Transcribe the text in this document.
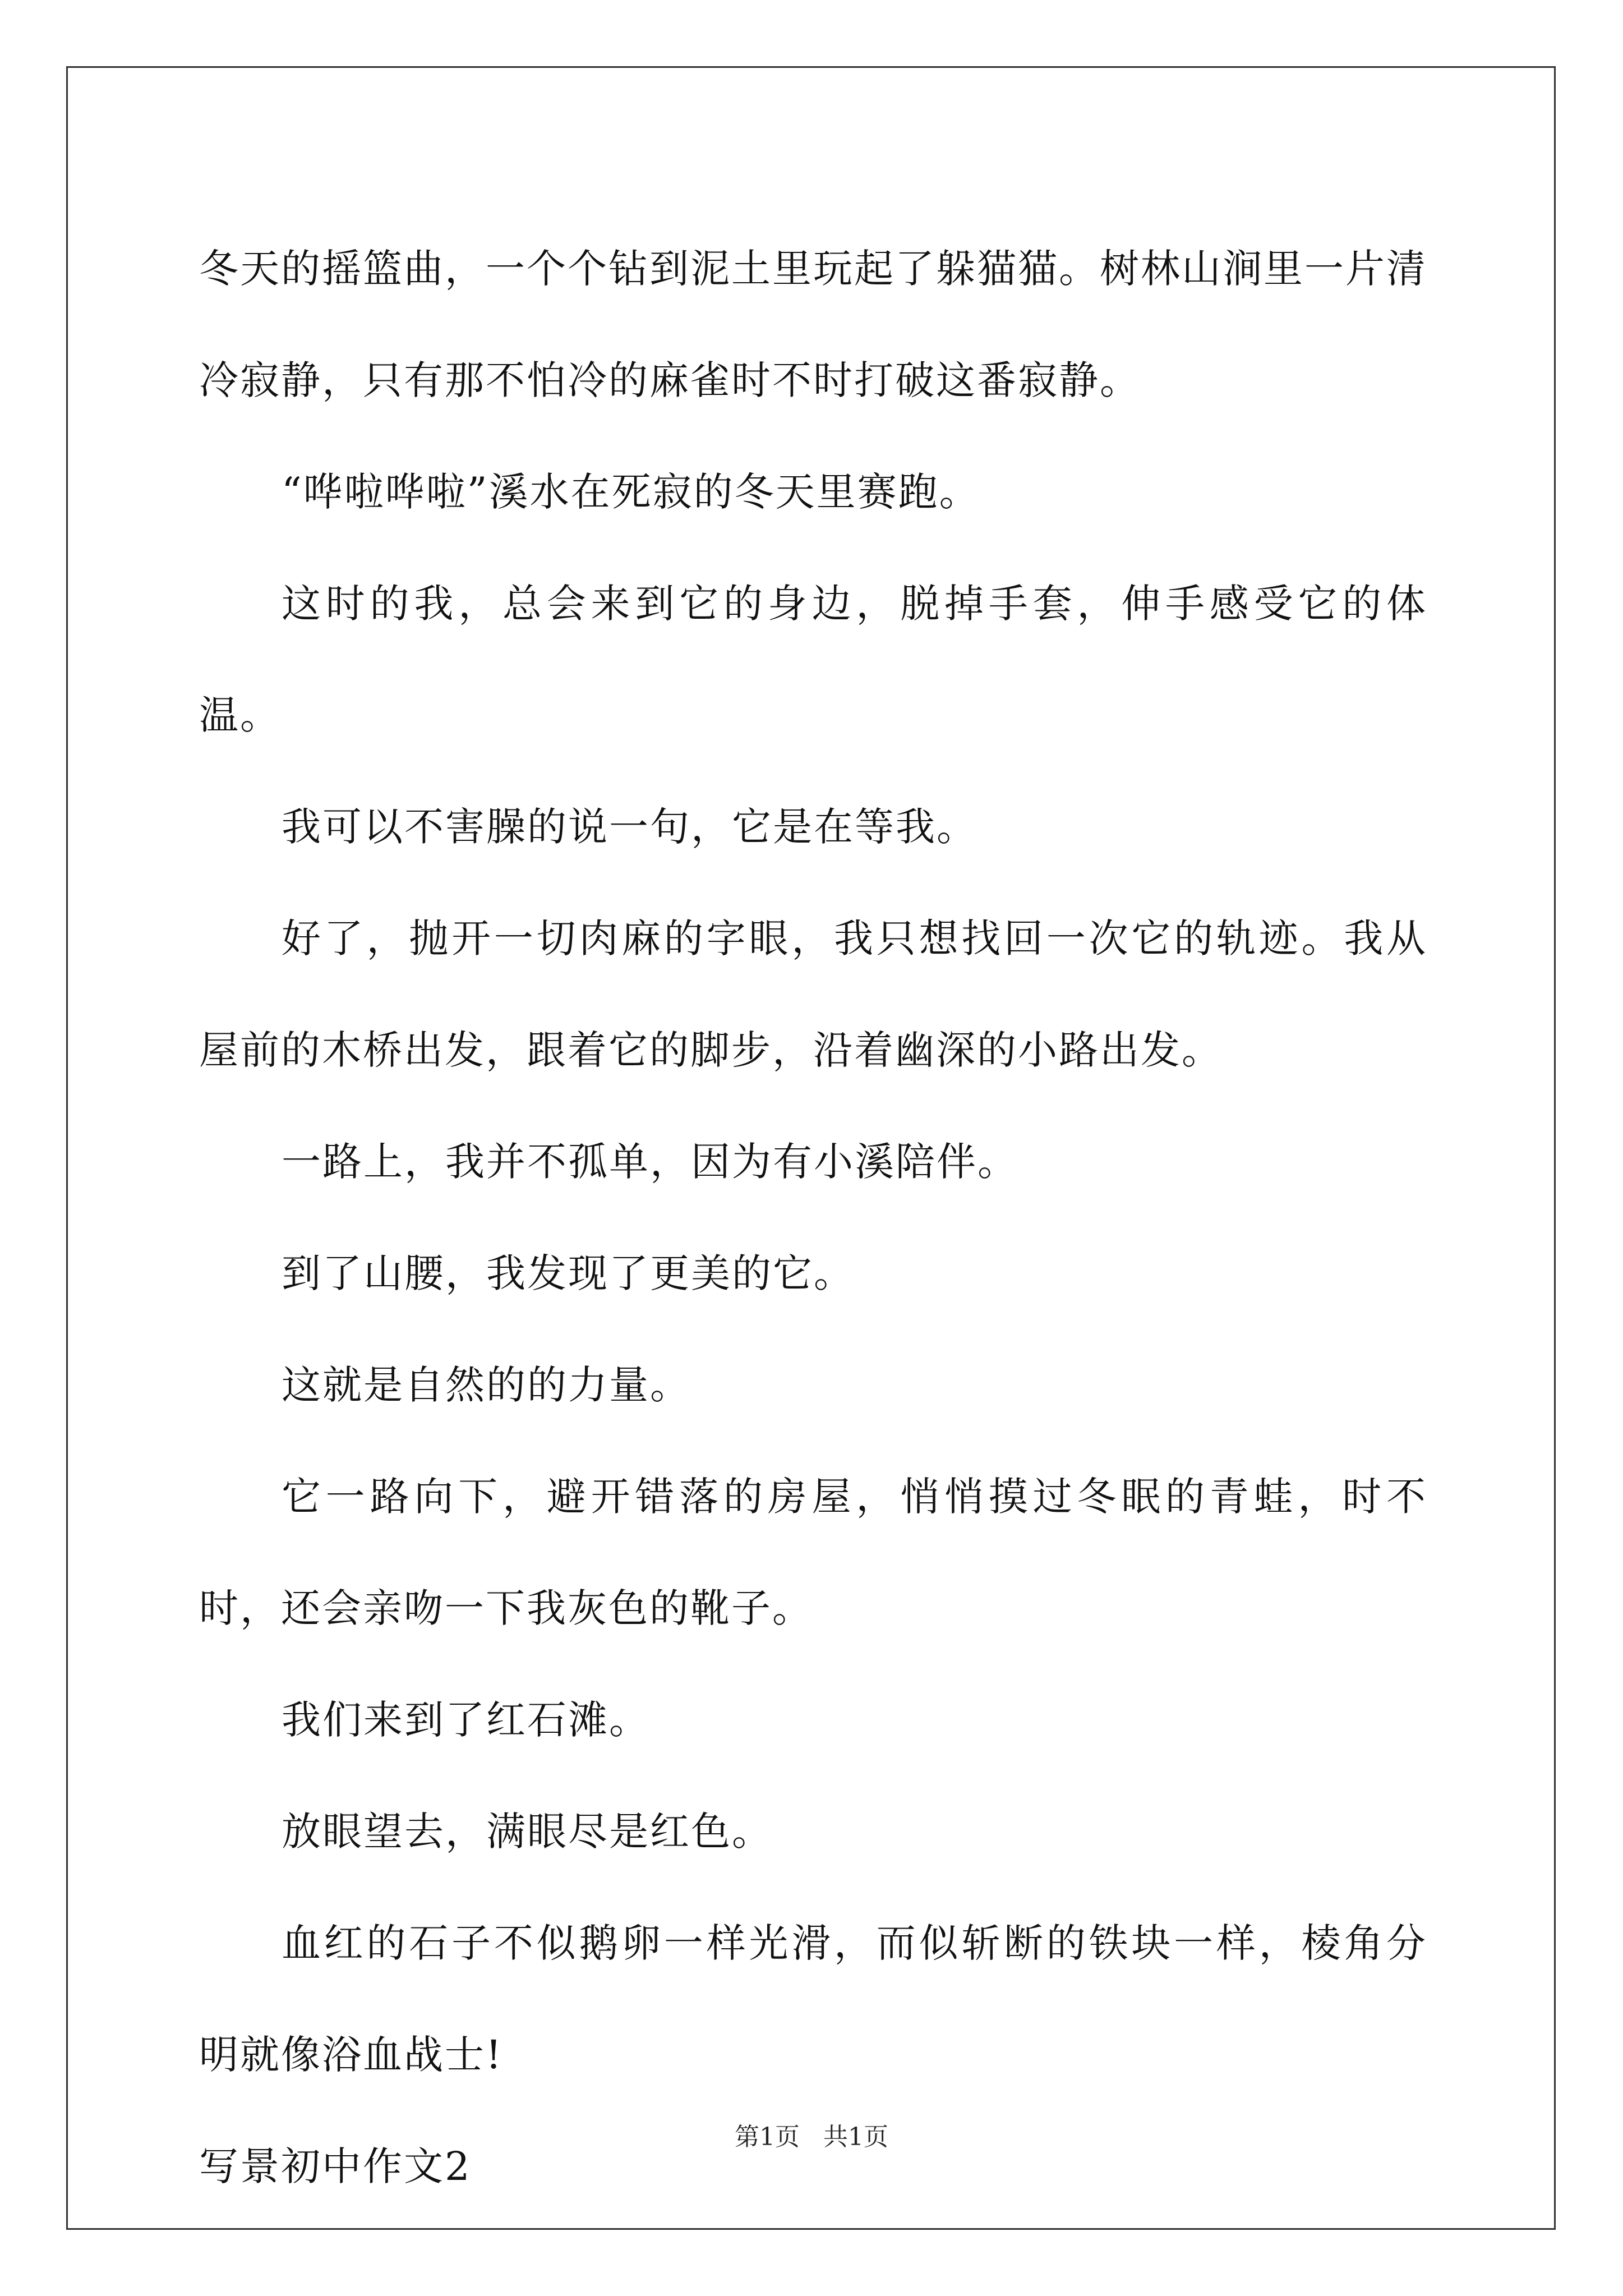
冬天的摇篮曲，一个个钻到泥土里玩起了躲猫猫。树林山涧里一片清冷寂静，只有那不怕冷的麻雀时不时打破这番寂静。

“哗啦哗啦”溪水在死寂的冬天里赛跑。

这时的我，总会来到它的身边，脱掉手套，伸手感受它的体温。

我可以不害臊的说一句，它是在等我。

好了，抛开一切肉麻的字眼，我只想找回一次它的轨迹。我从屋前的木桥出发，跟着它的脚步，沿着幽深的小路出发。

一路上，我并不孤单，因为有小溪陪伴。

到了山腰，我发现了更美的它。

这就是自然的的力量。

它一路向下，避开错落的房屋，悄悄摸过冬眠的青蛙，时不时，还会亲吻一下我灰色的靴子。

我们来到了红石滩。

放眼望去，满眼尽是红色。

血红的石子不似鹅卵一样光滑，而似斩断的铁块一样，棱角分明就像浴血战士!

写景初中作文2

第1页   共1页
